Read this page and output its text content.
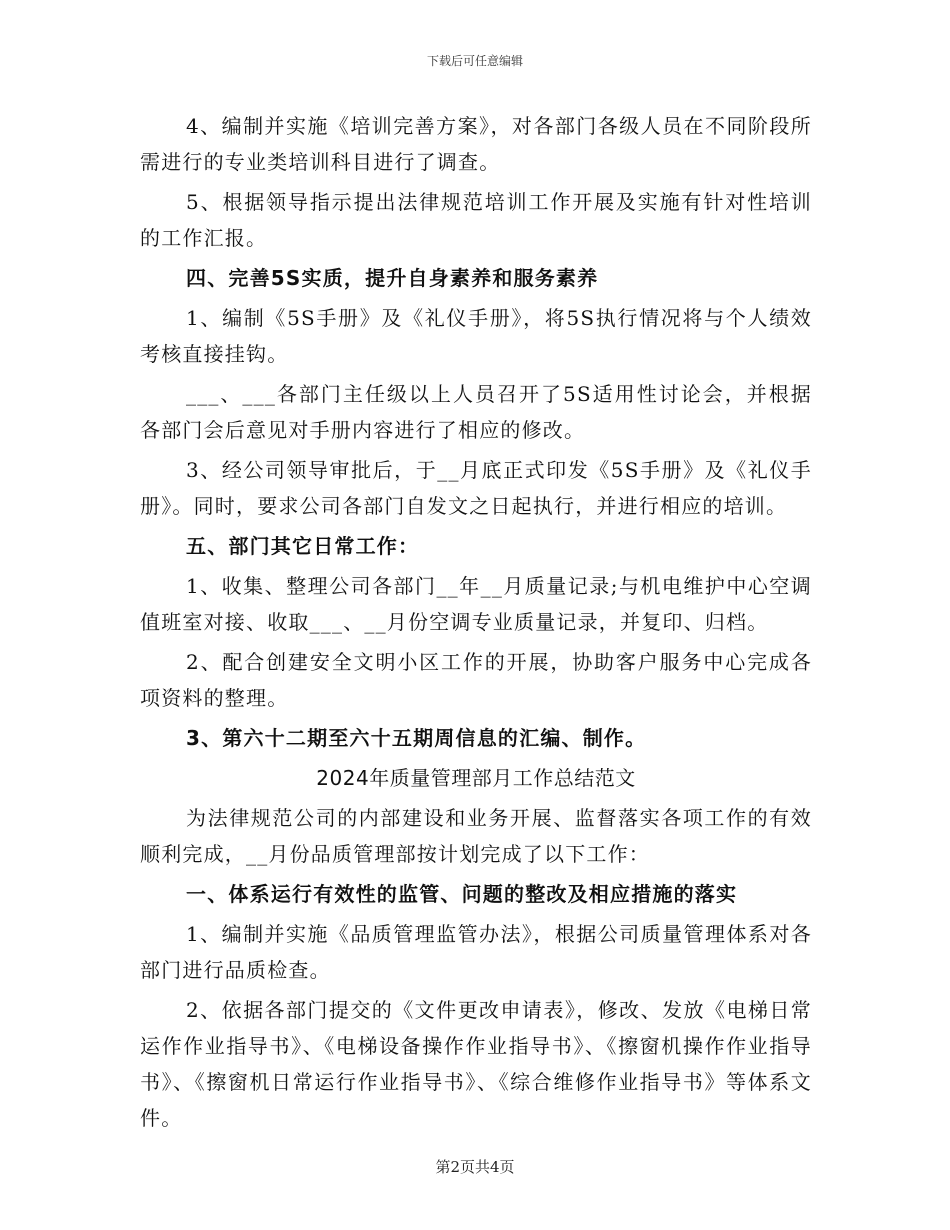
下载后可任意编辑

4、编制并实施《培训完善方案》，对各部门各级人员在不同阶段所需进行的专业类培训科目进行了调查。

5、根据领导指示提出法律规范培训工作开展及实施有针对性培训的工作汇报。

四、完善5S实质，提升自身素养和服务素养

1、编制《5S手册》及《礼仪手册》，将5S执行情况将与个人绩效考核直接挂钩。

___、___各部门主任级以上人员召开了5S适用性讨论会，并根据各部门会后意见对手册内容进行了相应的修改。

3、经公司领导审批后，于__月底正式印发《5S手册》及《礼仪手册》。同时，要求公司各部门自发文之日起执行，并进行相应的培训。

五、部门其它日常工作：

1、收集、整理公司各部门__年__月质量记录;与机电维护中心空调值班室对接、收取___、__月份空调专业质量记录，并复印、归档。

2、配合创建安全文明小区工作的开展，协助客户服务中心完成各项资料的整理。

3、第六十二期至六十五期周信息的汇编、制作。

2024年质量管理部月工作总结范文

为法律规范公司的内部建设和业务开展、监督落实各项工作的有效顺利完成，__月份品质管理部按计划完成了以下工作：

一、体系运行有效性的监管、问题的整改及相应措施的落实

1、编制并实施《品质管理监管办法》，根据公司质量管理体系对各部门进行品质检查。

2、依据各部门提交的《文件更改申请表》，修改、发放《电梯日常运作作业指导书》、《电梯设备操作作业指导书》、《擦窗机操作作业指导书》、《擦窗机日常运行作业指导书》、《综合维修作业指导书》等体系文件。

第2页共4页
